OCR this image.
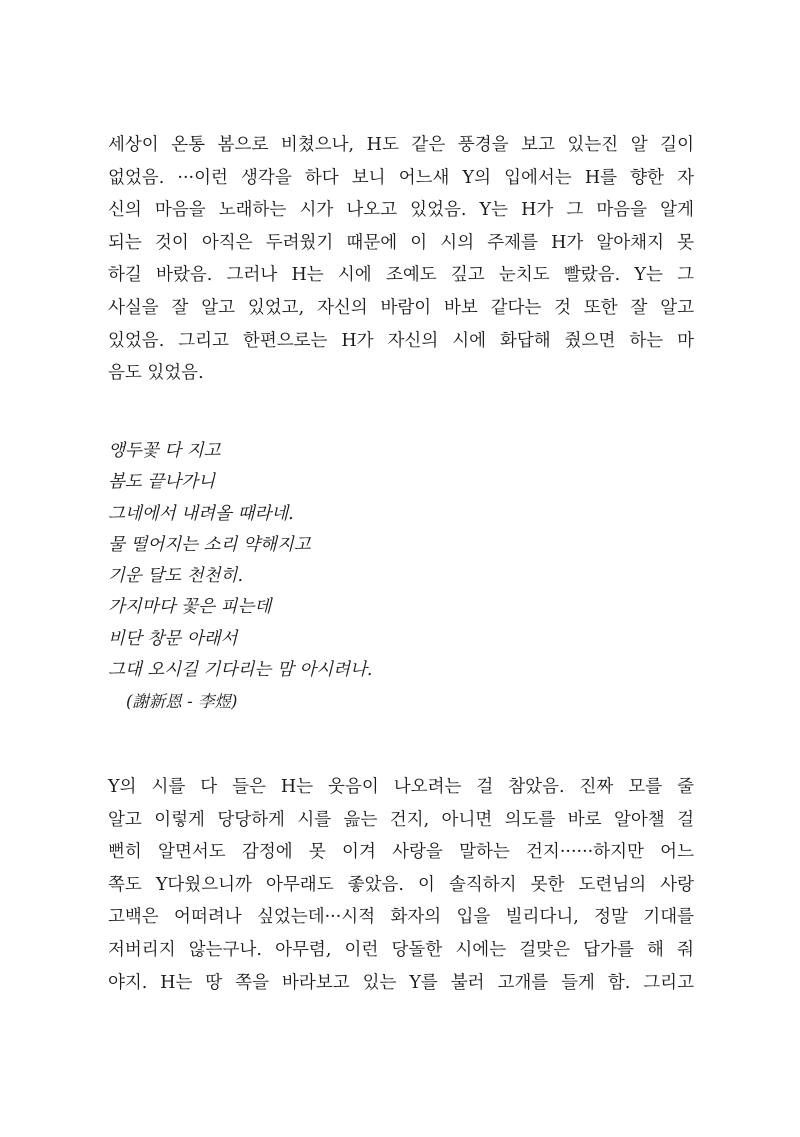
세상이 온통 봄으로 비쳤으나, H도 같은 풍경을 보고 있는진 알 길이
없었음. ···이런 생각을 하다 보니 어느새 Y의 입에서는 H를 향한 자
신의 마음을 노래하는 시가 나오고 있었음. Y는 H가 그 마음을 알게
되는 것이 아직은 두려웠기 때문에 이 시의 주제를 H가 알아채지 못
하길 바랐음. 그러나 H는 시에 조예도 깊고 눈치도 빨랐음. Y는 그
사실을 잘 알고 있었고, 자신의 바람이 바보 같다는 것 또한 잘 알고
있었음. 그리고 한편으로는 H가 자신의 시에 화답해 줬으면 하는 마
음도 있었음.
앵두꽃 다 지고
봄도 끝나가니
그네에서 내려올 때라네.
물 떨어지는 소리 약해지고
기운 달도 천천히.
가지마다 꽃은 피는데
비단 창문 아래서
그대 오시길 기다리는 맘 아시려나.
(謝新恩 - 李煜)
Y의 시를 다 들은 H는 웃음이 나오려는 걸 참았음. 진짜 모를 줄
알고 이렇게 당당하게 시를 읊는 건지, 아니면 의도를 바로 알아챌 걸
뻔히 알면서도 감정에 못 이겨 사랑을 말하는 건지······하지만 어느
쪽도 Y다웠으니까 아무래도 좋았음. 이 솔직하지 못한 도련님의 사랑
고백은 어떠려나 싶었는데···시적 화자의 입을 빌리다니, 정말 기대를
저버리지 않는구나. 아무렴, 이런 당돌한 시에는 걸맞은 답가를 해 줘
야지. H는 땅 쪽을 바라보고 있는 Y를 불러 고개를 들게 함. 그리고
